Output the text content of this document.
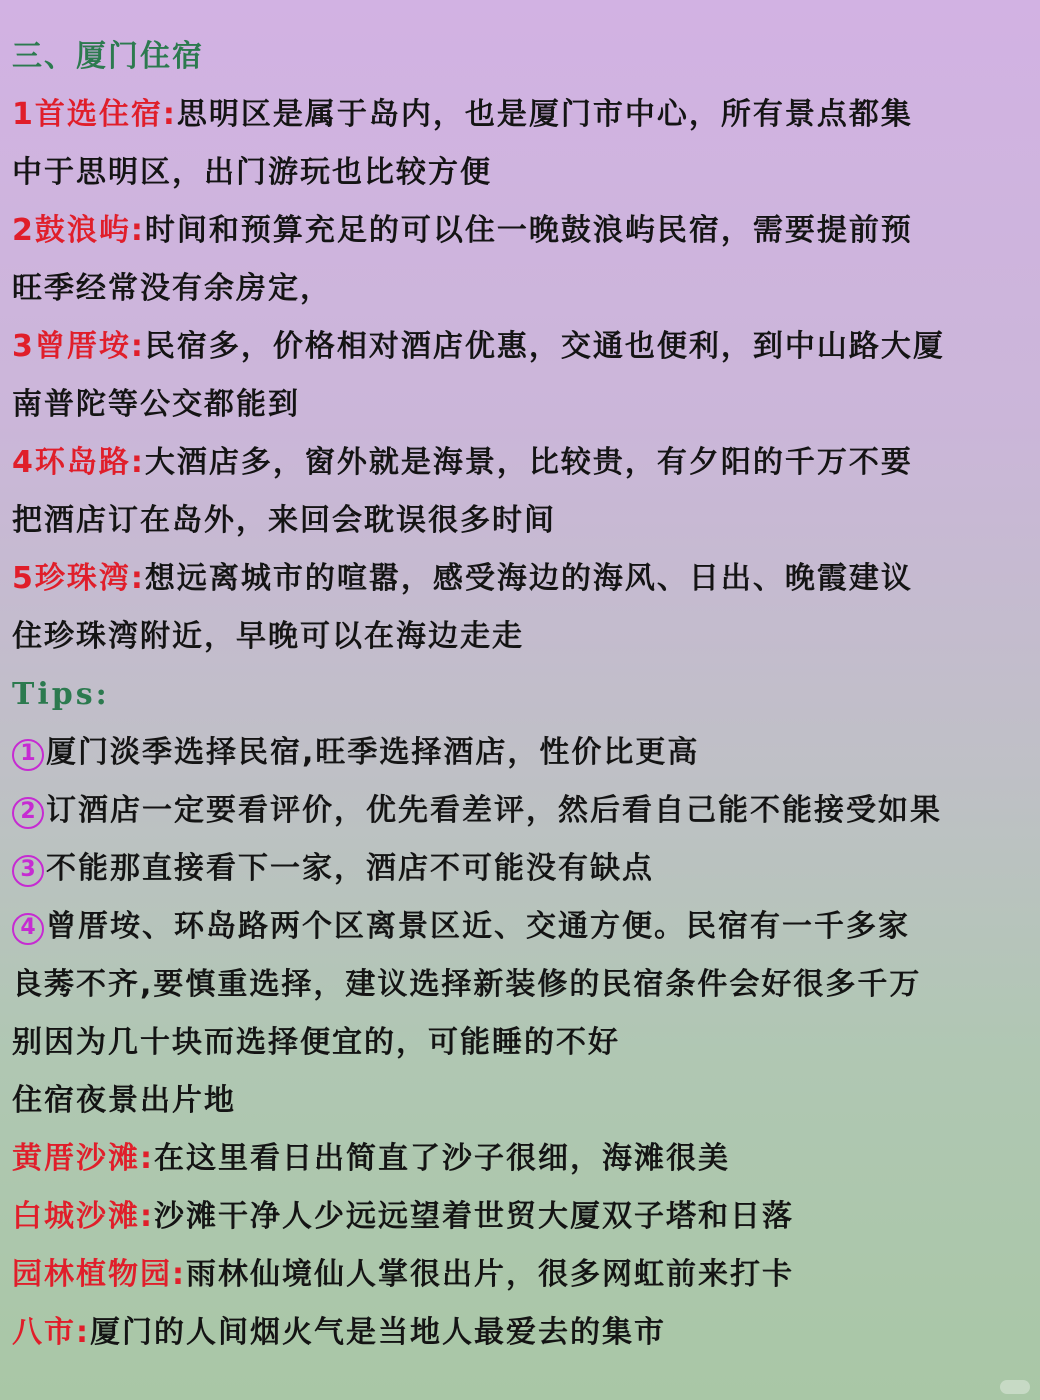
三、厦门住宿
1首选住宿:思明区是属于岛内，也是厦门市中心，所有景点都集
中于思明区，出门游玩也比较方便
2鼓浪屿:时间和预算充足的可以住一晚鼓浪屿民宿，需要提前预
旺季经常没有余房定，
3曾厝垵:民宿多，价格相对酒店优惠，交通也便利，到中山路大厦
南普陀等公交都能到
4环岛路:大酒店多，窗外就是海景，比较贵，有夕阳的千万不要
把酒店订在岛外，来回会耽误很多时间
5珍珠湾:想远离城市的喧嚣，感受海边的海风、日出、晚霞建议
住珍珠湾附近，早晚可以在海边走走
Tips:
1 厦门淡季选择民宿,旺季选择酒店，性价比更高
2 订酒店一定要看评价，优先看差评，然后看自己能不能接受如果
3 不能那直接看下一家，酒店不可能没有缺点
4 曾厝垵、环岛路两个区离景区近、交通方便。民宿有一千多家
良莠不齐,要慎重选择，建议选择新装修的民宿条件会好很多千万
别因为几十块而选择便宜的，可能睡的不好
住宿夜景出片地
黄厝沙滩:在这里看日出简直了沙子很细，海滩很美
白城沙滩:沙滩干净人少远远望着世贸大厦双子塔和日落
园林植物园:雨林仙境仙人掌很出片，很多网虹前来打卡
八市:厦门的人间烟火气是当地人最爱去的集市
